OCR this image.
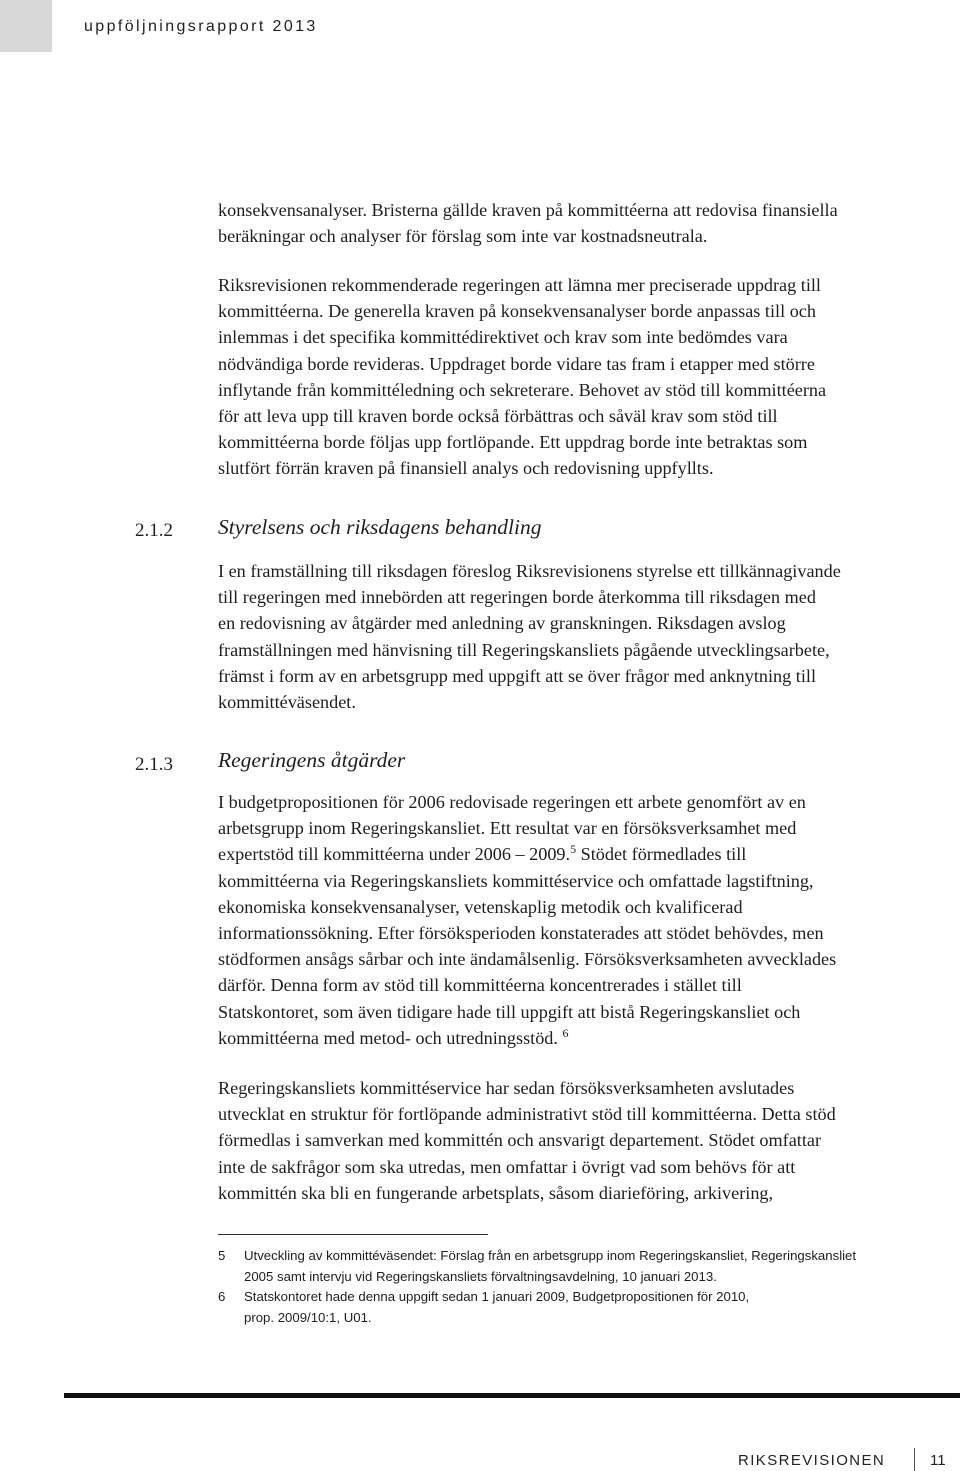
uppföljningsrapport 2013

konsekvensanalyser. Bristerna gällde kraven på kommittéerna att redovisa finansiella

beräkningar och analyser för förslag som inte var kostnadsneutrala.

Riksrevisionen rekommenderade regeringen att lämna mer preciserade uppdrag till

kommittéerna. De generella kraven på konsekvensanalyser borde anpassas till och

inlemmas i det specifika kommittédirektivet och krav som inte bedömdes vara

nödvändiga borde revideras. Uppdraget borde vidare tas fram i etapper med större

inflytande från kommittéledning och sekreterare. Behovet av stöd till kommittéerna

för att leva upp till kraven borde också förbättras och såväl krav som stöd till

kommittéerna borde följas upp fortlöpande. Ett uppdrag borde inte betraktas som

slutfört förrän kraven på finansiell analys och redovisning uppfyllts.

2.1.2 Styrelsens och riksdagens behandling

I en framställning till riksdagen föreslog Riksrevisionens styrelse ett tillkännagivande

till regeringen med innebörden att regeringen borde återkomma till riksdagen med

en redovisning av åtgärder med anledning av granskningen. Riksdagen avslog

framställningen med hänvisning till Regeringskansliets pågående utvecklingsarbete,

främst i form av en arbetsgrupp med uppgift att se över frågor med anknytning till

kommittéväsendet.

2.1.3 Regeringens åtgärder

I budgetpropositionen för 2006 redovisade regeringen ett arbete genomfört av en

arbetsgrupp inom Regeringskansliet. Ett resultat var en försöksverksamhet med

expertstöd till kommittéerna under 2006 – 2009.$^5$ Stödet förmedlades till

kommittéerna via Regeringskansliets kommittéservice och omfattade lagstiftning,

ekonomiska konsekvensanalyser, vetenskaplig metodik och kvalificerad

informationssökning. Efter försöksperioden konstaterades att stödet behövdes, men

stödformen ansågs sårbar och inte ändamålsenlig. Försöksverksamheten avvecklades

därför. Denna form av stöd till kommittéerna koncentrerades i stället till

Statskontoret, som även tidigare hade till uppgift att bistå Regeringskansliet och

kommittéerna med metod- och utredningsstöd. $^6$

Regeringskansliets kommittéservice har sedan försöksverksamheten avslutades

utvecklat en struktur för fortlöpande administrativt stöd till kommittéerna. Detta stöd

förmedlas i samverkan med kommittén och ansvarigt departement. Stödet omfattar

inte de sakfrågor som ska utredas, men omfattar i övrigt vad som behövs för att

kommittén ska bli en fungerande arbetsplats, såsom diarieföring, arkivering,

5 Utveckling av kommittéväsendet: Förslag från en arbetsgrupp inom Regeringskansliet, Regeringskansliet
2005 samt intervju vid Regeringskansliets förvaltningsavdelning, 10 januari 2013.
6 Statskontoret hade denna uppgift sedan 1 januari 2009, Budgetpropositionen för 2010,
prop. 2009/10:1, U01.
RIKSREVISIONEN	11
